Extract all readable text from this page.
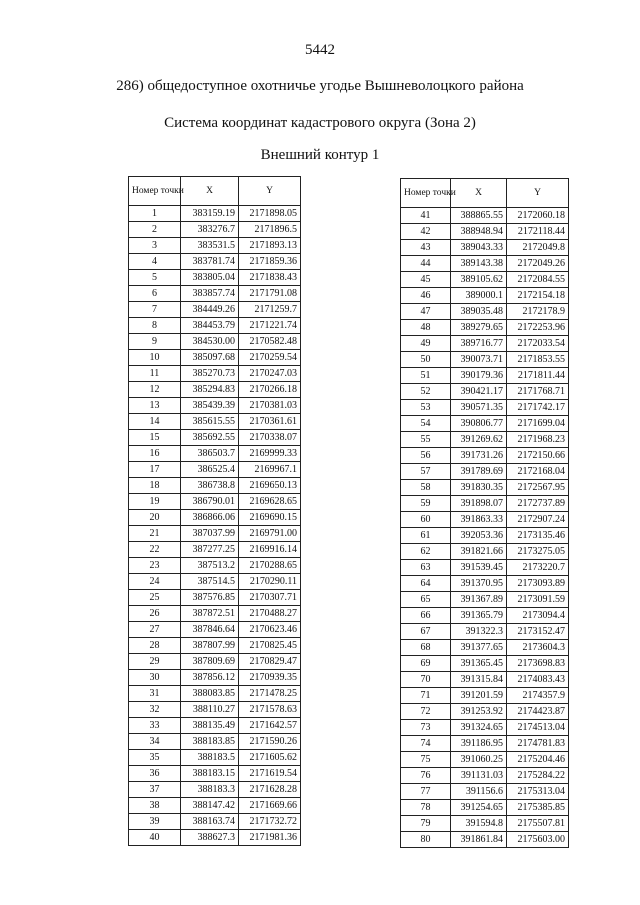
5442
286) общедоступное охотничье угодье Вышневолоцкого района
Система координат кадастрового округа (Зона 2)
Внешний контур 1
Номер точки	X	Y
1	383159.19	2171898.05
2	383276.7	2171896.5
3	383531.5	2171893.13
4	383781.74	2171859.36
5	383805.04	2171838.43
6	383857.74	2171791.08
7	384449.26	2171259.7
8	384453.79	2171221.74
9	384530.00	2170582.48
10	385097.68	2170259.54
11	385270.73	2170247.03
12	385294.83	2170266.18
13	385439.39	2170381.03
14	385615.55	2170361.61
15	385692.55	2170338.07
16	386503.7	2169999.33
17	386525.4	2169967.1
18	386738.8	2169650.13
19	386790.01	2169628.65
20	386866.06	2169690.15
21	387037.99	2169791.00
22	387277.25	2169916.14
23	387513.2	2170288.65
24	387514.5	2170290.11
25	387576.85	2170307.71
26	387872.51	2170488.27
27	387846.64	2170623.46
28	387807.99	2170825.45
29	387809.69	2170829.47
30	387856.12	2170939.35
31	388083.85	2171478.25
32	388110.27	2171578.63
33	388135.49	2171642.57
34	388183.85	2171590.26
35	388183.5	2171605.62
36	388183.15	2171619.54
37	388183.3	2171628.28
38	388147.42	2171669.66
39	388163.74	2171732.72
40	388627.3	2171981.36
Номер точки	X	Y
41	388865.55	2172060.18
42	388948.94	2172118.44
43	389043.33	2172049.8
44	389143.38	2172049.26
45	389105.62	2172084.55
46	389000.1	2172154.18
47	389035.48	2172178.9
48	389279.65	2172253.96
49	389716.77	2172033.54
50	390073.71	2171853.55
51	390179.36	2171811.44
52	390421.17	2171768.71
53	390571.35	2171742.17
54	390806.77	2171699.04
55	391269.62	2171968.23
56	391731.26	2172150.66
57	391789.69	2172168.04
58	391830.35	2172567.95
59	391898.07	2172737.89
60	391863.33	2172907.24
61	392053.36	2173135.46
62	391821.66	2173275.05
63	391539.45	2173220.7
64	391370.95	2173093.89
65	391367.89	2173091.59
66	391365.79	2173094.4
67	391322.3	2173152.47
68	391377.65	2173604.3
69	391365.45	2173698.83
70	391315.84	2174083.43
71	391201.59	2174357.9
72	391253.92	2174423.87
73	391324.65	2174513.04
74	391186.95	2174781.83
75	391060.25	2175204.46
76	391131.03	2175284.22
77	391156.6	2175313.04
78	391254.65	2175385.85
79	391594.8	2175507.81
80	391861.84	2175603.00
